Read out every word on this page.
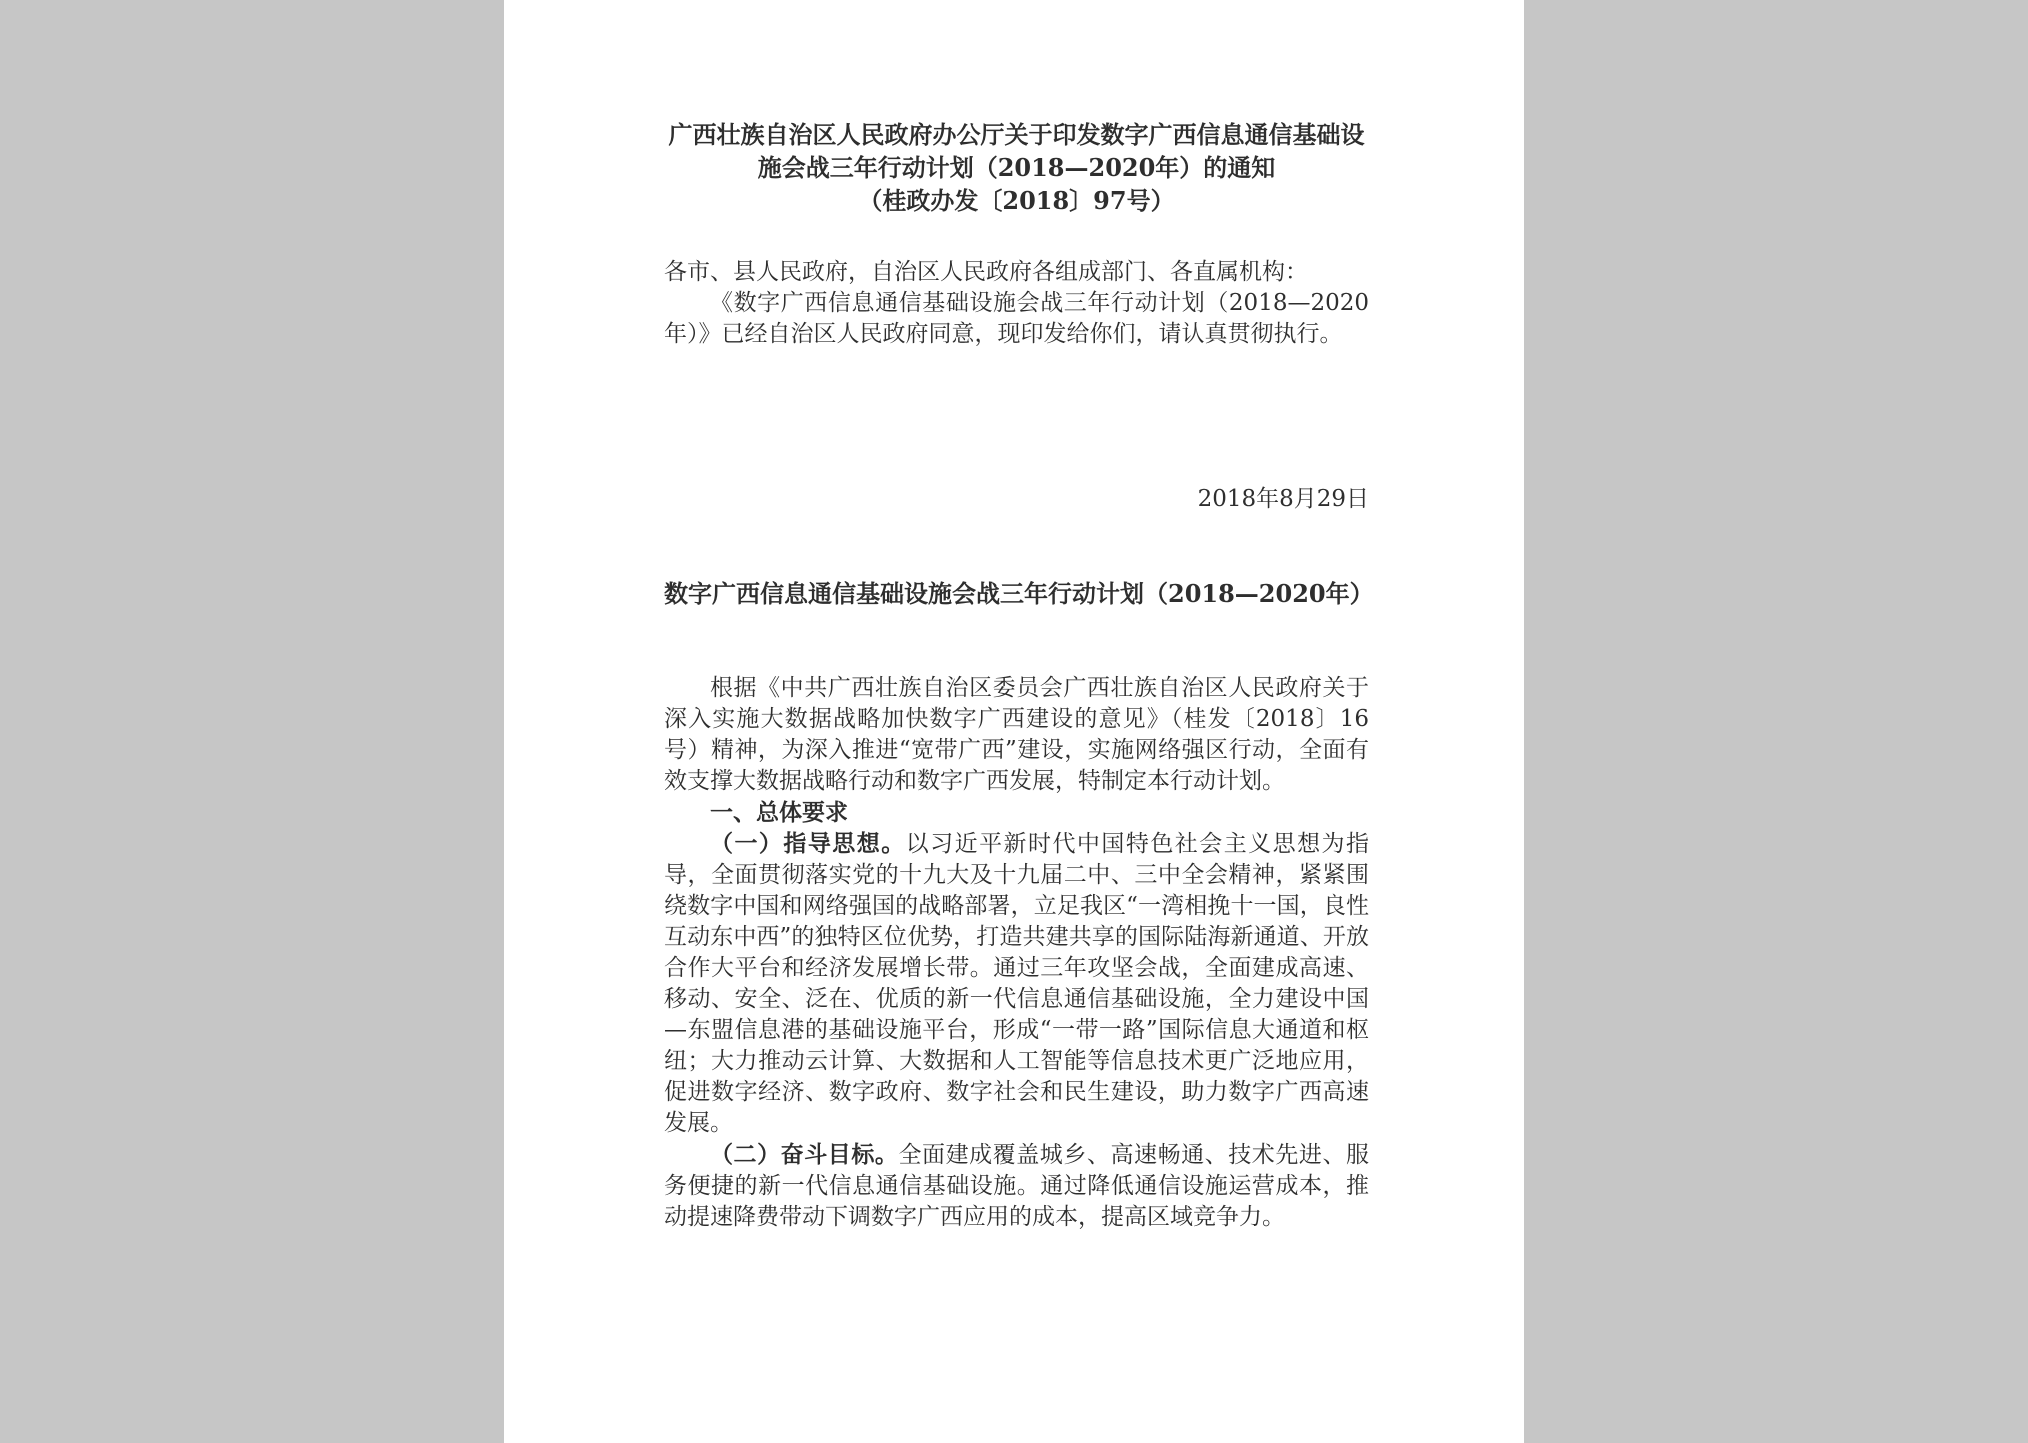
广西壮族自治区人民政府办公厅关于印发数字广西信息通信基础设施会战三年行动计划（2018—2020年）的通知

（桂政办发〔2018〕97号）

各市、县人民政府，自治区人民政府各组成部门、各直属机构：

《数字广西信息通信基础设施会战三年行动计划（2018—2020年）》已经自治区人民政府同意，现印发给你们，请认真贯彻执行。

2018年8月29日

数字广西信息通信基础设施会战三年行动计划（2018—2020年）

根据《中共广西壮族自治区委员会广西壮族自治区人民政府关于深入实施大数据战略加快数字广西建设的意见》（桂发〔2018〕16号）精神，为深入推进“宽带广西”建设，实施网络强区行动，全面有效支撑大数据战略行动和数字广西发展，特制定本行动计划。

一、总体要求

（一）指导思想。以习近平新时代中国特色社会主义思想为指导，全面贯彻落实党的十九大及十九届二中、三中全会精神，紧紧围绕数字中国和网络强国的战略部署，立足我区“一湾相挽十一国，良性互动东中西”的独特区位优势，打造共建共享的国际陆海新通道、开放合作大平台和经济发展增长带。通过三年攻坚会战，全面建成高速、移动、安全、泛在、优质的新一代信息通信基础设施，全力建设中国—东盟信息港的基础设施平台，形成“一带一路”国际信息大通道和枢纽；大力推动云计算、大数据和人工智能等信息技术更广泛地应用，促进数字经济、数字政府、数字社会和民生建设，助力数字广西高速发展。

（二）奋斗目标。全面建成覆盖城乡、高速畅通、技术先进、服务便捷的新一代信息通信基础设施。通过降低通信设施运营成本，推动提速降费带动下调数字广西应用的成本，提高区域竞争力。
